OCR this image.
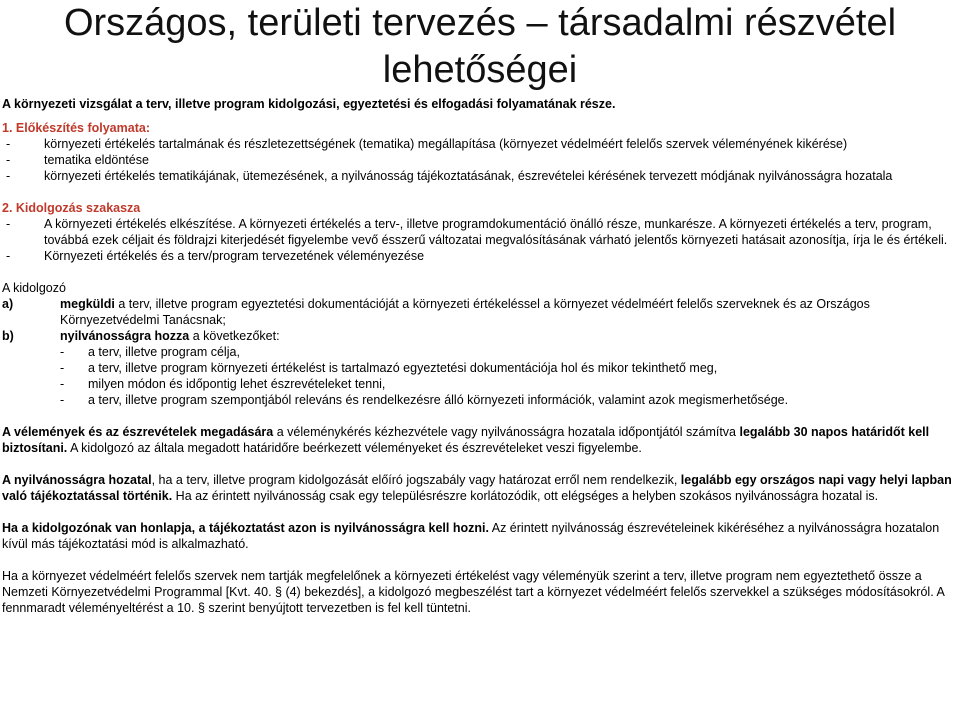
Országos, területi tervezés – társadalmi részvétel
lehetőségei
A környezeti vizsgálat a terv, illetve program kidolgozási, egyeztetési és elfogadási folyamatának része.
1. Előkészítés folyamata:
-	környezeti értékelés tartalmának és részletezettségének (tematika) megállapítása (környezet védelméért felelős szervek véleményének kikérése)
-	tematika eldöntése
-	környezeti értékelés tematikájának, ütemezésének, a nyilvánosság tájékoztatásának, észrevételei kérésének tervezett módjának nyilvánosságra hozatala
2. Kidolgozás szakasza
-	A környezeti értékelés elkészítése. A környezeti értékelés a terv-, illetve programdokumentáció önálló része, munkarésze. A környezeti értékelés a terv, program, továbbá ezek céljait és földrajzi kiterjedését figyelembe vevő ésszerű változatai megvalósításának várható jelentős környezeti hatásait azonosítja, írja le és értékeli.
-	Környezeti értékelés és a terv/program tervezetének véleményezése
A kidolgozó
a)	megküldi a terv, illetve program egyeztetési dokumentációját a környezeti értékeléssel a környezet védelméért felelős szerveknek és az Országos Környezetvédelmi Tanácsnak;
b)	nyilvánosságra hozza a következőket:
-	a terv, illetve program célja,
-	a terv, illetve program környezeti értékelést is tartalmazó egyeztetési dokumentációja hol és mikor tekinthető meg,
-	milyen módon és időpontig lehet észrevételeket tenni,
-	a terv, illetve program szempontjából releváns és rendelkezésre álló környezeti információk, valamint azok megismerhetősége.

A vélemények és az észrevételek megadására a véleménykérés kézhezvétele vagy nyilvánosságra hozatala időpontjától számítva legalább 30 napos határidőt kell biztosítani. A kidolgozó az általa megadott határidőre beérkezett véleményeket és észrevételeket veszi figyelembe.

A nyilvánosságra hozatal, ha a terv, illetve program kidolgozását előíró jogszabály vagy határozat erről nem rendelkezik, legalább egy országos napi vagy helyi lapban való tájékoztatással történik. Ha az érintett nyilvánosság csak egy településrészre korlátozódik, ott elégséges a helyben szokásos nyilvánosságra hozatal is.

Ha a kidolgozónak van honlapja, a tájékoztatást azon is nyilvánosságra kell hozni. Az érintett nyilvánosság észrevételeinek kikéréséhez a nyilvánosságra hozatalon kívül más tájékoztatási mód is alkalmazható.

Ha a környezet védelméért felelős szervek nem tartják megfelelőnek a környezeti értékelést vagy véleményük szerint a terv, illetve program nem egyeztethető össze a Nemzeti Környezetvédelmi Programmal [Kvt. 40. § (4) bekezdés], a kidolgozó megbeszélést tart a környezet védelméért felelős szervekkel a szükséges módosításokról. A fennmaradt véleményeltérést a 10. § szerint benyújtott tervezetben is fel kell tüntetni.
